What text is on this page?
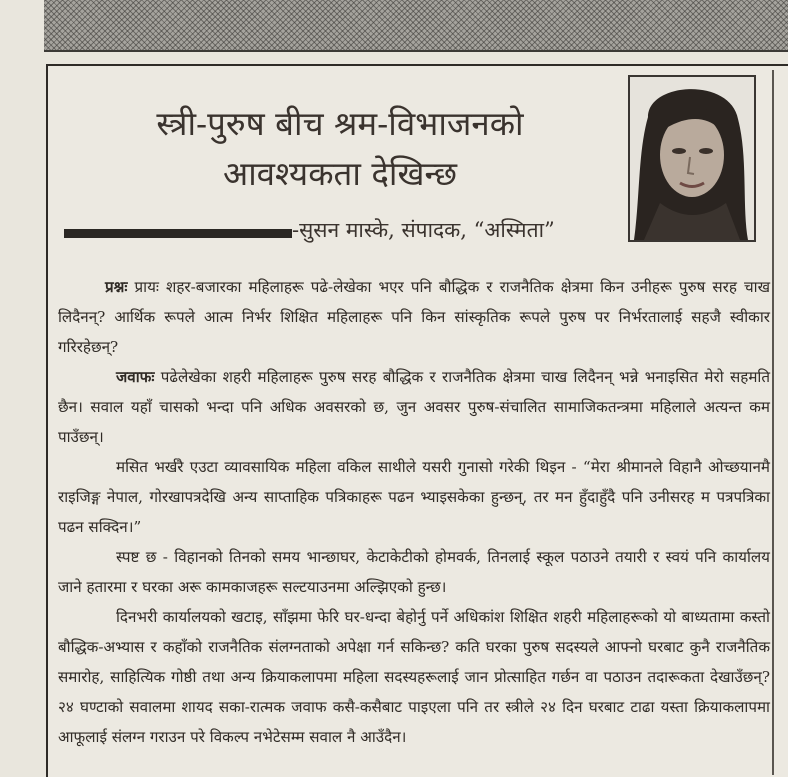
स्त्री-पुरुष बीच श्रम-विभाजनको
आवश्यकता देखिन्छ
-सुसन मास्के, संपादक, “अस्मिता”

प्रश्नः प्रायः शहर-बजारका महिलाहरू पढे-लेखेका भएर पनि बौद्धिक र राजनैतिक क्षेत्रमा किन उनीहरू पुरुष सरह चाख लिदैनन्? आर्थिक रूपले आत्म निर्भर शिक्षित महिलाहरू पनि किन सांस्कृतिक रूपले पुरुष पर निर्भरतालाई सहजै स्वीकार गरिरहेछन्?

जवाफः पढेलेखेका शहरी महिलाहरू पुरुष सरह बौद्धिक र राजनैतिक क्षेत्रमा चाख लिदैनन् भन्ने भनाइसित मेरो सहमति छैन। सवाल यहाँ चासको भन्दा पनि अधिक अवसरको छ, जुन अवसर पुरुष-संचालित सामाजिकतन्त्रमा महिलाले अत्यन्त कम पाउँछन्।

मसित भर्खरै एउटा व्यावसायिक महिला वकिल साथीले यसरी गुनासो गरेकी थिइन - “मेरा श्रीमानले विहानै ओच्छयानमै राइजिङ्ग नेपाल, गोरखापत्रदेखि अन्य साप्ताहिक पत्रिकाहरू पढन भ्याइसकेका हुन्छन्, तर मन हुँदाहुँदै पनि उनीसरह म पत्रपत्रिका पढन सक्दिन।”

स्पष्ट छ - विहानको तिनको समय भान्छाघर, केटाकेटीको होमवर्क, तिनलाई स्कूल पठाउने तयारी र स्वयं पनि कार्यालय जाने हतारमा र घरका अरू कामकाजहरू सल्टयाउनमा अल्झिएको हुन्छ।

दिनभरी कार्यालयको खटाइ, साँझमा फेरि घर-धन्दा बेहोर्नु पर्ने अधिकांश शिक्षित शहरी महिलाहरूको यो बाध्यतामा कस्तो बौद्धिक-अभ्यास र कहाँको राजनैतिक संलग्नताको अपेक्षा गर्न सकिन्छ? कति घरका पुरुष सदस्यले आफ्नो घरबाट कुनै राजनैतिक समारोह, साहित्यिक गोष्ठी तथा अन्य क्रियाकलापमा महिला सदस्यहरूलाई जान प्रोत्साहित गर्छन वा पठाउन तदारूकता देखाउँछन्? २४ घण्टाको सवालमा शायद सका-रात्मक जवाफ कसै-कसैबाट पाइएला पनि तर स्त्रीले २४ दिन घरबाट टाढा यस्ता क्रियाकलापमा आफूलाई संलग्न गराउन परे विकल्प नभेटेसम्म सवाल नै आउँदैन।
